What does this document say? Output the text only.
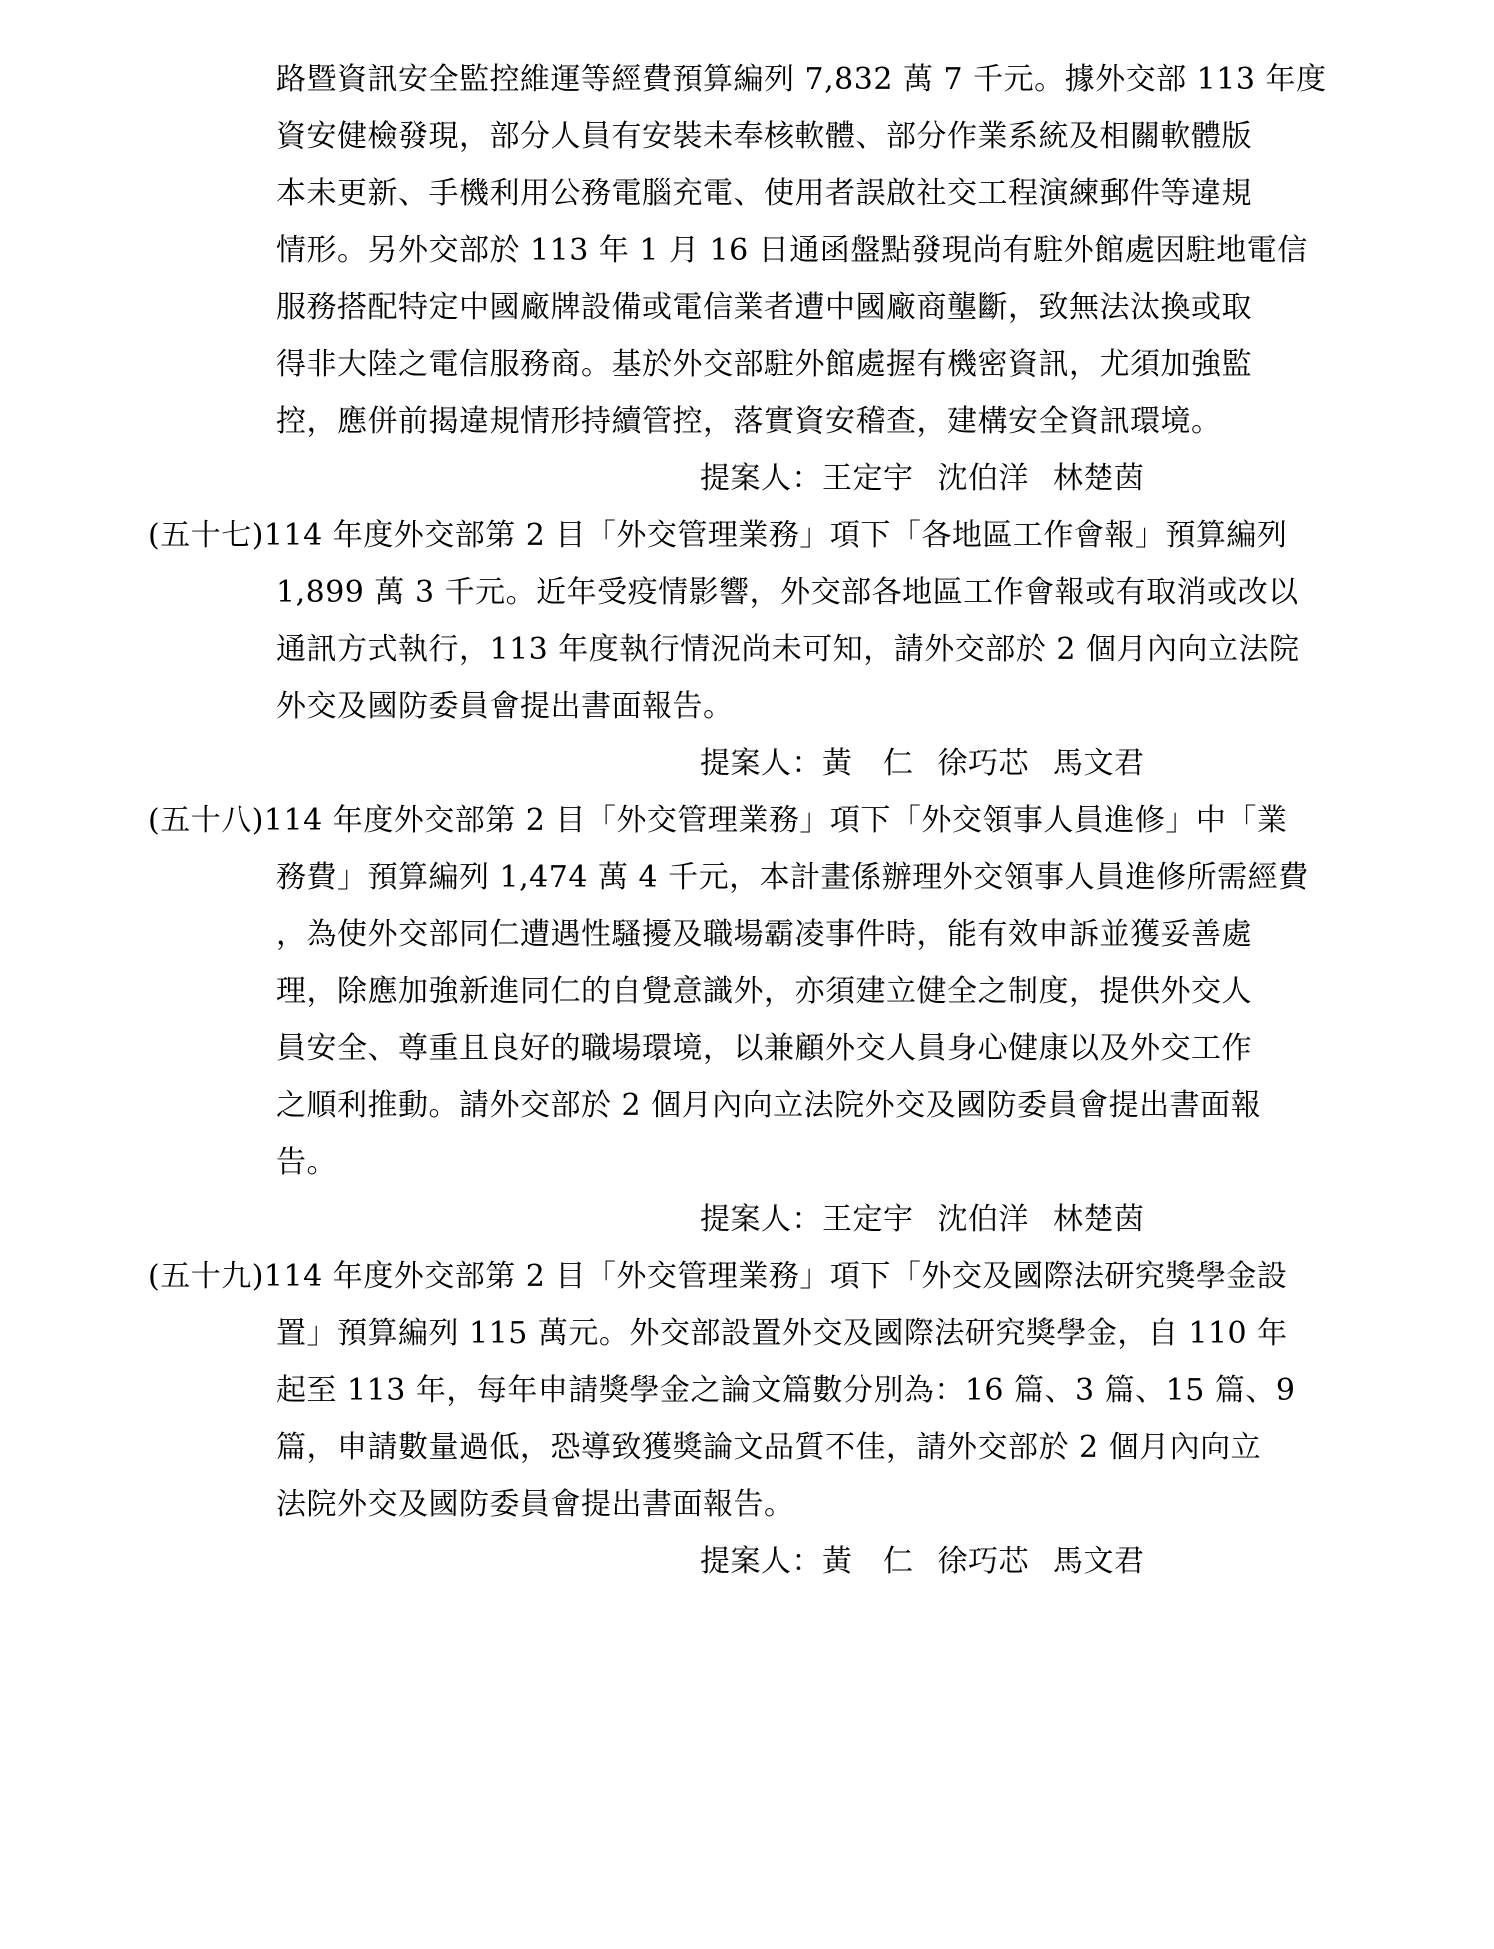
路暨資訊安全監控維運等經費預算編列 7,832 萬 7 千元。據外交部 113 年度
資安健檢發現，部分人員有安裝未奉核軟體、部分作業系統及相關軟體版
本未更新、手機利用公務電腦充電、使用者誤啟社交工程演練郵件等違規
情形。另外交部於 113 年 1 月 16 日通函盤點發現尚有駐外館處因駐地電信
服務搭配特定中國廠牌設備或電信業者遭中國廠商壟斷，致無法汰換或取
得非大陸之電信服務商。基於外交部駐外館處握有機密資訊，尤須加強監
控，應併前揭違規情形持續管控，落實資安稽查，建構安全資訊環境。
提案人：王定宇 沈伯洋 林楚茵
(五十七)114 年度外交部第 2 目「外交管理業務」項下「各地區工作會報」預算編列
1,899 萬 3 千元。近年受疫情影響，外交部各地區工作會報或有取消或改以
通訊方式執行，113 年度執行情況尚未可知，請外交部於 2 個月內向立法院
外交及國防委員會提出書面報告。
提案人：黃　仁 徐巧芯 馬文君
(五十八)114 年度外交部第 2 目「外交管理業務」項下「外交領事人員進修」中「業
務費」預算編列 1,474 萬 4 千元，本計畫係辦理外交領事人員進修所需經費
，為使外交部同仁遭遇性騷擾及職場霸凌事件時，能有效申訴並獲妥善處
理，除應加強新進同仁的自覺意識外，亦須建立健全之制度，提供外交人
員安全、尊重且良好的職場環境，以兼顧外交人員身心健康以及外交工作
之順利推動。請外交部於 2 個月內向立法院外交及國防委員會提出書面報
告。
提案人：王定宇 沈伯洋 林楚茵
(五十九)114 年度外交部第 2 目「外交管理業務」項下「外交及國際法研究獎學金設
置」預算編列 115 萬元。外交部設置外交及國際法研究獎學金，自 110 年
起至 113 年，每年申請獎學金之論文篇數分別為：16 篇、3 篇、15 篇、9
篇，申請數量過低，恐導致獲獎論文品質不佳，請外交部於 2 個月內向立
法院外交及國防委員會提出書面報告。
提案人：黃　仁 徐巧芯 馬文君
